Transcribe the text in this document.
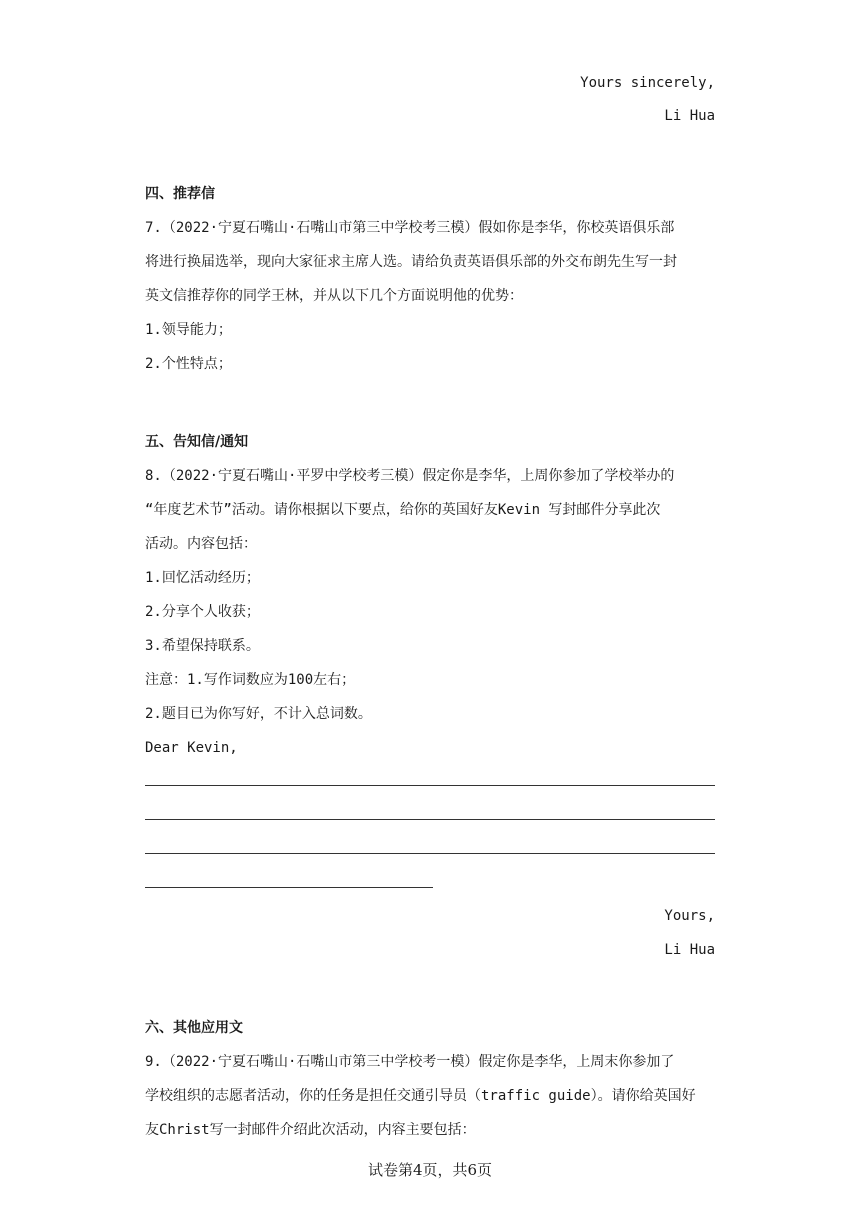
Yours sincerely,
Li Hua
四、推荐信
7.（2022·宁夏石嘴山·石嘴山市第三中学校考三模）假如你是李华，你校英语俱乐部
将进行换届选举，现向大家征求主席人选。请给负责英语俱乐部的外交布朗先生写一封
英文信推荐你的同学王林，并从以下几个方面说明他的优势：
1.领导能力；
2.个性特点；
五、告知信/通知
8.（2022·宁夏石嘴山·平罗中学校考三模）假定你是李华，上周你参加了学校举办的
“年度艺术节”活动。请你根据以下要点，给你的英国好友Kevin 写封邮件分享此次
活动。内容包括：
1.回忆活动经历；
2.分享个人收获；
3.希望保持联系。
注意：1.写作词数应为100左右；
2.题目已为你写好，不计入总词数。
Dear Kevin,
Yours,
Li Hua
六、其他应用文
9.（2022·宁夏石嘴山·石嘴山市第三中学校考一模）假定你是李华，上周末你参加了
学校组织的志愿者活动，你的任务是担任交通引导员（traffic guide）。请你给英国好
友Christ写一封邮件介绍此次活动，内容主要包括：
试卷第4页，共6页
